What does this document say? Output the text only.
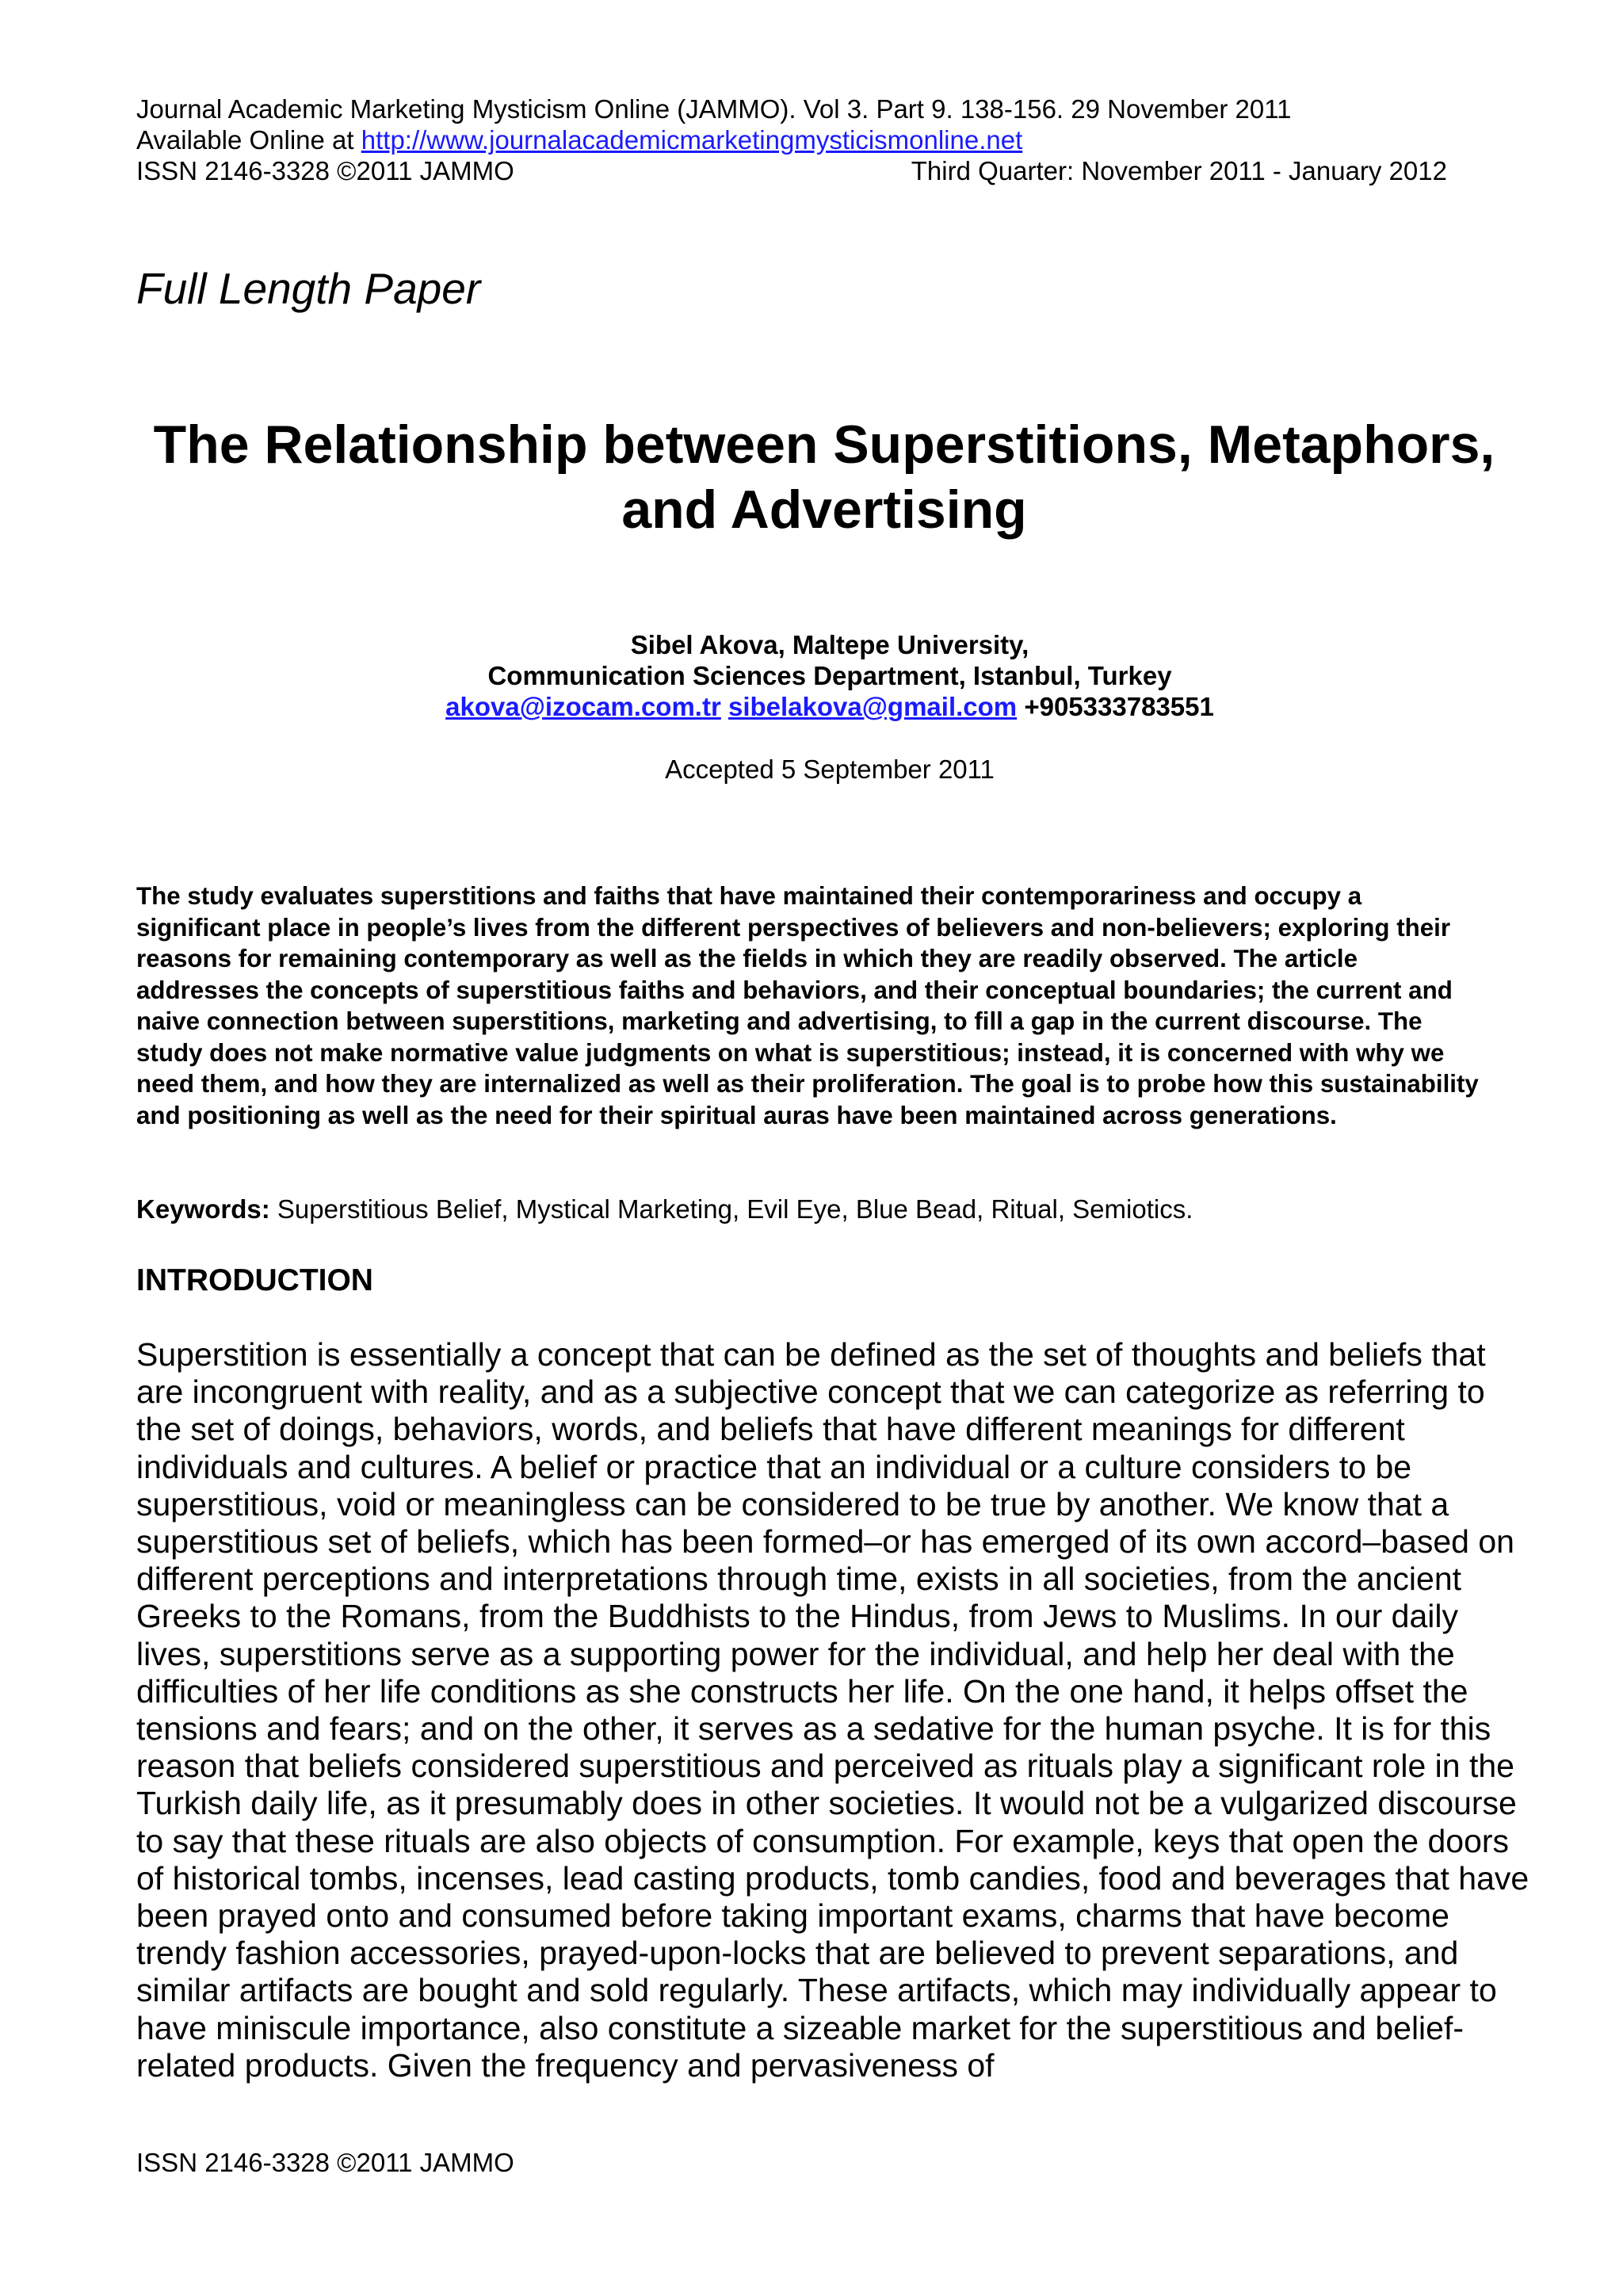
Journal Academic Marketing Mysticism Online (JAMMO). Vol 3. Part 9. 138-156. 29 November 2011
Available Online at http://www.journalacademicmarketingmysticismonline.net
ISSN 2146-3328 ©2011 JAMMO	Third Quarter: November 2011 - January 2012
Full Length Paper
The Relationship between Superstitions, Metaphors,
and Advertising
Sibel Akova, Maltepe University,
Communication Sciences Department, Istanbul, Turkey
akova@izocam.com.tr sibelakova@gmail.com +905333783551
Accepted 5 September 2011

The study evaluates superstitions and faiths that have maintained their contemporariness and occupy a significant place in people’s lives from the different perspectives of believers and non-believers; exploring their reasons for remaining contemporary as well as the fields in which they are readily observed. The article addresses the concepts of superstitious faiths and behaviors, and their conceptual boundaries; the current and naive connection between superstitions, marketing and advertising, to fill a gap in the current discourse. The study does not make normative value judgments on what is superstitious; instead, it is concerned with why we need them, and how they are internalized as well as their proliferation. The goal is to probe how this sustainability and positioning as well as the need for their spiritual auras have been maintained across generations.

Keywords: Superstitious Belief, Mystical Marketing, Evil Eye, Blue Bead, Ritual, Semiotics.
INTRODUCTION

Superstition is essentially a concept that can be defined as the set of thoughts and beliefs that are incongruent with reality, and as a subjective concept that we can categorize as referring to the set of doings, behaviors, words, and beliefs that have different meanings for different individuals and cultures. A belief or practice that an individual or a culture considers to be superstitious, void or meaningless can be considered to be true by another. We know that a superstitious set of beliefs, which has been formed–or has emerged of its own accord–based on different perceptions and interpretations through time, exists in all societies, from the ancient Greeks to the Romans, from the Buddhists to the Hindus, from Jews to Muslims. In our daily lives, superstitions serve as a supporting power for the individual, and help her deal with the difficulties of her life conditions as she constructs her life. On the one hand, it helps offset the tensions and fears; and on the other, it serves as a sedative for the human psyche. It is for this reason that beliefs considered superstitious and perceived as rituals play a significant role in the Turkish daily life, as it presumably does in other societies. It would not be a vulgarized discourse to say that these rituals are also objects of consumption. For example, keys that open the doors of historical tombs, incenses, lead casting products, tomb candies, food and beverages that have been prayed onto and consumed before taking important exams, charms that have become trendy fashion accessories, prayed-upon-locks that are believed to prevent separations, and similar artifacts are bought and sold regularly. These artifacts, which may individually appear to have miniscule importance, also constitute a sizeable market for the superstitious and belief-related products. Given the frequency and pervasiveness of

ISSN 2146-3328 ©2011 JAMMO
